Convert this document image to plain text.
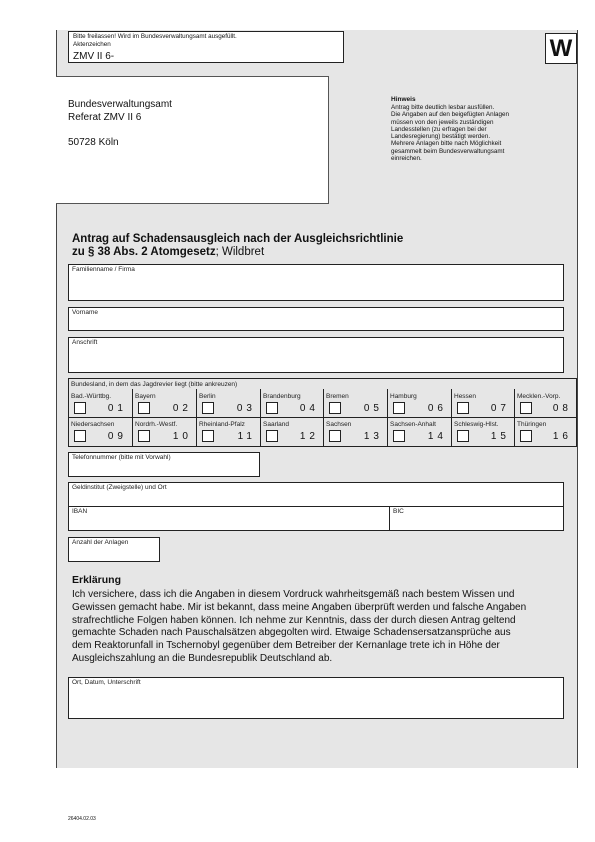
Bitte freilassen! Wird im Bundesverwaltungsamt ausgefüllt.
Aktenzeichen
ZMV II 6-	W
Bundesverwaltungsamt
Referat ZMV II 6
50728 Köln
Hinweis
Antrag bitte deutlich lesbar ausfüllen.
Die Angaben auf den beigefügten Anlagen
müssen von den jeweils zuständigen
Landesstellen (zu erfragen bei der
Landesregierung) bestätigt werden.
Mehrere Anlagen bitte nach Möglichkeit
gesammelt beim Bundesverwaltungsamt
einreichen.
Antrag auf Schadensausgleich nach der Ausgleichsrichtlinie
zu § 38 Abs. 2 Atomgesetz; Wildbret
Familienname / Firma
Vorname
Anschrift
Bundesland, in dem das Jagdrevier liegt (bitte ankreuzen)
Bad.-Württbg.
01
Bayern
02
Berlin
03
Brandenburg
04
Bremen
05
Hamburg
06
Hessen
07
Mecklen.-Vorp.
08
Niedersachsen
09
Nordrh.-Westf.
10
Rheinland-Pfalz
11
Saarland
12
Sachsen
13
Sachsen-Anhalt
14
Schleswig-Hlst.
15
Thüringen
16
Telefonnummer (bitte mit Vorwahl)
Geldinstitut (Zweigstelle) und Ort
IBAN	BIC
Anzahl der Anlagen
Erklärung
Ich versichere, dass ich die Angaben in diesem Vordruck wahrheitsgemäß nach bestem Wissen und
Gewissen gemacht habe. Mir ist bekannt, dass meine Angaben überprüft werden und falsche Angaben
strafrechtliche Folgen haben können. Ich nehme zur Kenntnis, dass der durch diesen Antrag geltend
gemachte Schaden nach Pauschalsätzen abgegolten wird. Etwaige Schadensersatzansprüche aus
dem Reaktorunfall in Tschernobyl gegenüber dem Betreiber der Kernanlage trete ich in Höhe der
Ausgleichszahlung an die Bundesrepublik Deutschland ab.
Ort, Datum, Unterschrift
26404.02.03
